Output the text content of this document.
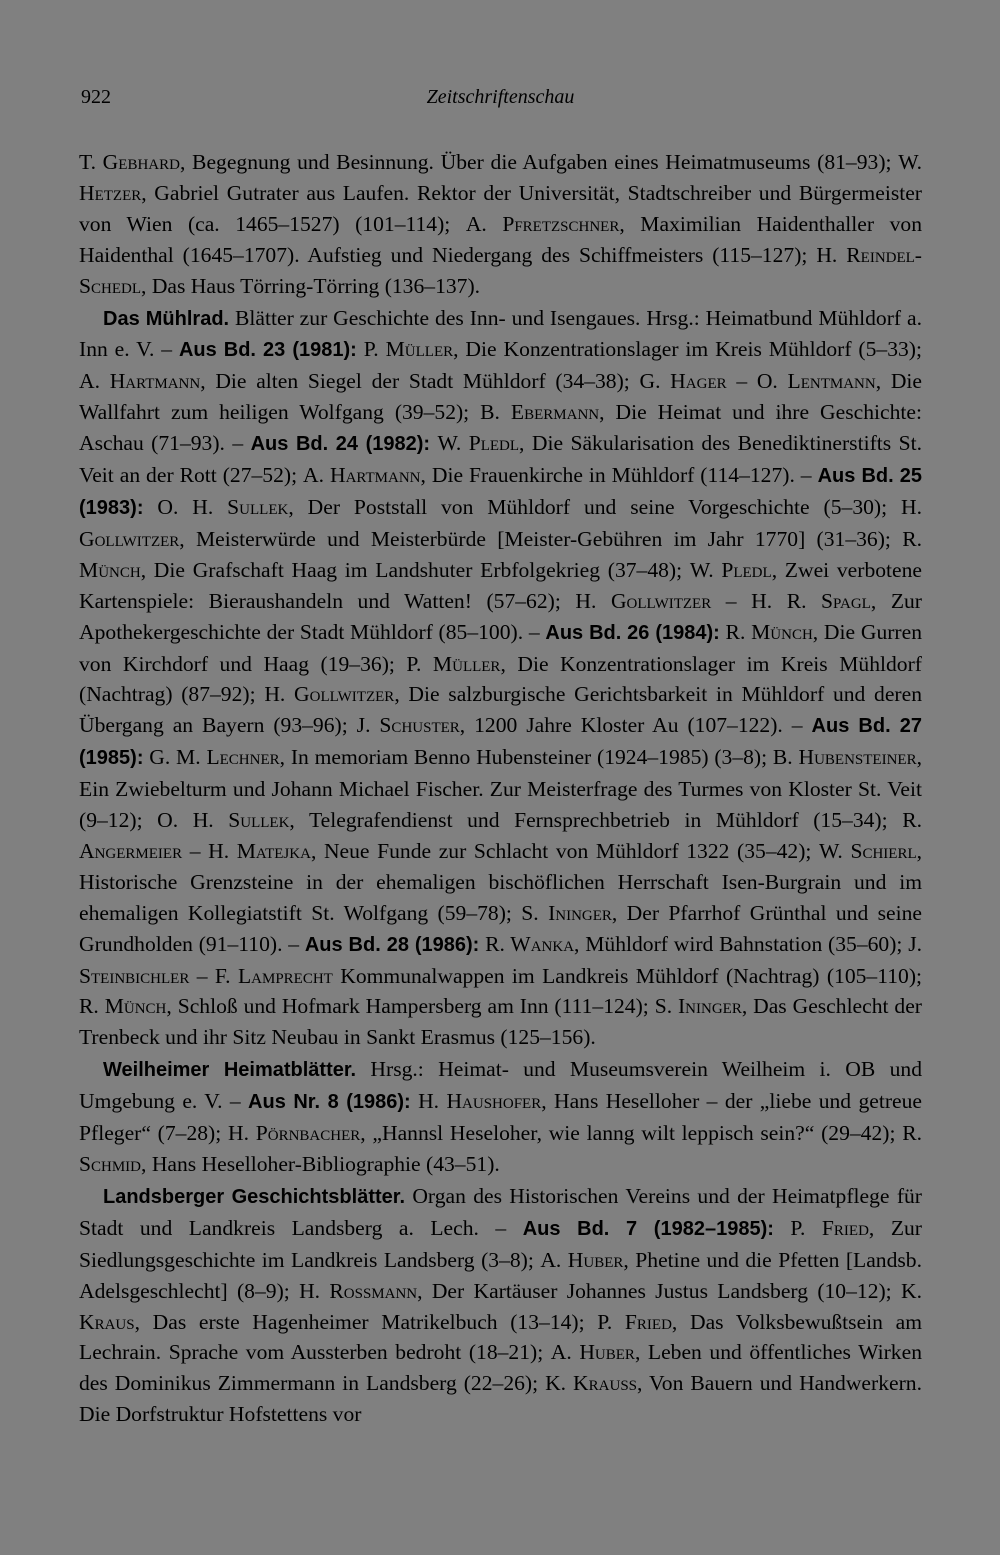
922	Zeitschriftenschau

T. Gebhard, Begegnung und Besinnung. Über die Aufgaben eines Heimatmuseums (81–93); W. Hetzer, Gabriel Gutrater aus Laufen. Rektor der Universität, Stadtschreiber und Bürgermeister von Wien (ca. 1465–1527) (101–114); A. Pfretzschner, Maximilian Haidenthaller von Haidenthal (1645–1707). Aufstieg und Niedergang des Schiffmeisters (115–127); H. Reindel-Schedl, Das Haus Törring-Törring (136–137).

Das Mühlrad. Blätter zur Geschichte des Inn- und Isengaues. Hrsg.: Heimatbund Mühldorf a. Inn e. V. – Aus Bd. 23 (1981): P. Müller, Die Konzentrationslager im Kreis Mühldorf (5–33); A. Hartmann, Die alten Siegel der Stadt Mühldorf (34–38); G. Hager – O. Lentmann, Die Wallfahrt zum heiligen Wolfgang (39–52); B. Ebermann, Die Heimat und ihre Geschichte: Aschau (71–93). – Aus Bd. 24 (1982): W. Pledl, Die Säkularisation des Benediktinerstifts St. Veit an der Rott (27–52); A. Hartmann, Die Frauenkirche in Mühldorf (114–127). – Aus Bd. 25 (1983): O. H. Sullek, Der Poststall von Mühldorf und seine Vorgeschichte (5–30); H. Gollwitzer, Meisterwürde und Meisterbürde [Meister-Gebühren im Jahr 1770] (31–36); R. Münch, Die Grafschaft Haag im Landshuter Erbfolgekrieg (37–48); W. Pledl, Zwei verbotene Kartenspiele: Bieraushandeln und Watten! (57–62); H. Gollwitzer – H. R. Spagl, Zur Apothekergeschichte der Stadt Mühldorf (85–100). – Aus Bd. 26 (1984): R. Münch, Die Gurren von Kirchdorf und Haag (19–36); P. Müller, Die Konzentrationslager im Kreis Mühldorf (Nachtrag) (87–92); H. Gollwitzer, Die salzburgische Gerichtsbarkeit in Mühldorf und deren Übergang an Bayern (93–96); J. Schuster, 1200 Jahre Kloster Au (107–122). – Aus Bd. 27 (1985): G. M. Lechner, In memoriam Benno Hubensteiner (1924–1985) (3–8); B. Hubensteiner, Ein Zwiebelturm und Johann Michael Fischer. Zur Meisterfrage des Turmes von Kloster St. Veit (9–12); O. H. Sullek, Telegrafendienst und Fernsprechbetrieb in Mühldorf (15–34); R. Angermeier – H. Matejka, Neue Funde zur Schlacht von Mühldorf 1322 (35–42); W. Schierl, Historische Grenzsteine in der ehemaligen bischöflichen Herrschaft Isen-Burgrain und im ehemaligen Kollegiatstift St. Wolfgang (59–78); S. Ininger, Der Pfarrhof Grünthal und seine Grundholden (91–110). – Aus Bd. 28 (1986): R. Wanka, Mühldorf wird Bahnstation (35–60); J. Steinbichler – F. Lamprecht Kommunalwappen im Landkreis Mühldorf (Nachtrag) (105–110); R. Münch, Schloß und Hofmark Hampersberg am Inn (111–124); S. Ininger, Das Geschlecht der Trenbeck und ihr Sitz Neubau in Sankt Erasmus (125–156).

Weilheimer Heimatblätter. Hrsg.: Heimat- und Museumsverein Weilheim i. OB und Umgebung e. V. – Aus Nr. 8 (1986): H. Haushofer, Hans Heselloher – der „liebe und getreue Pfleger“ (7–28); H. Pörnbacher, „Hannsl Heseloher, wie lanng wilt leppisch sein?“ (29–42); R. Schmid, Hans Heselloher-Bibliographie (43–51).

Landsberger Geschichtsblätter. Organ des Historischen Vereins und der Heimatpflege für Stadt und Landkreis Landsberg a. Lech. – Aus Bd. 7 (1982–1985): P. Fried, Zur Siedlungsgeschichte im Landkreis Landsberg (3–8); A. Huber, Phetine und die Pfetten [Landsb. Adelsgeschlecht] (8–9); H. Rossmann, Der Kartäuser Johannes Justus Landsberg (10–12); K. Kraus, Das erste Hagenheimer Matrikelbuch (13–14); P. Fried, Das Volksbewußtsein am Lechrain. Sprache vom Aussterben bedroht (18–21); A. Huber, Leben und öffentliches Wirken des Dominikus Zimmermann in Landsberg (22–26); K. Krauss, Von Bauern und Handwerkern. Die Dorfstruktur Hofstettens vor
